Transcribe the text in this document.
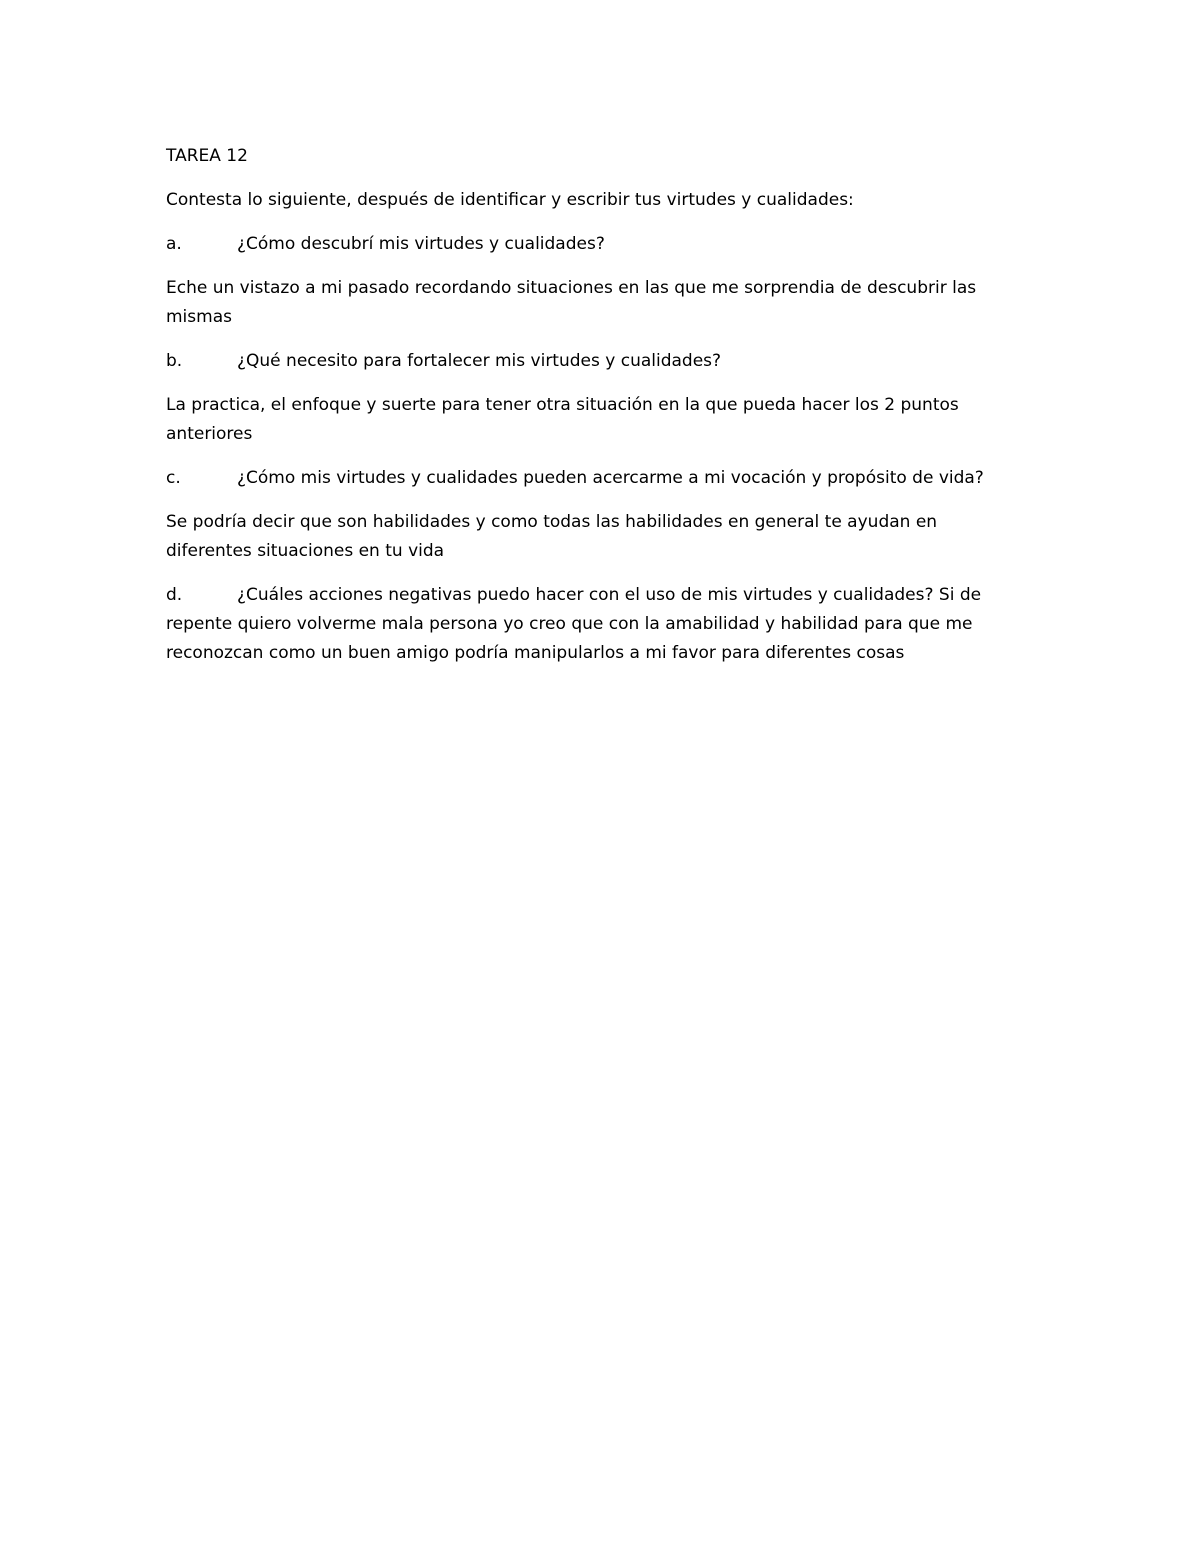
TAREA 12

Contesta lo siguiente, después de identificar y escribir tus virtudes y cualidades:

a.	¿Cómo descubrí mis virtudes y cualidades?

Eche un vistazo a mi pasado recordando situaciones en las que me sorprendia de descubrir las mismas

b.	¿Qué necesito para fortalecer mis virtudes y cualidades?

La practica, el enfoque y suerte para tener otra situación en la que pueda hacer los 2 puntos anteriores

c.	¿Cómo mis virtudes y cualidades pueden acercarme a mi vocación y propósito de vida?

Se podría decir que son habilidades y como todas las habilidades en general te ayudan en diferentes situaciones en tu vida

d.	¿Cuáles acciones negativas puedo hacer con el uso de mis virtudes y cualidades? Si de repente quiero volverme mala persona yo creo que con la amabilidad y habilidad para que me reconozcan como un buen amigo podría manipularlos a mi favor para diferentes cosas
